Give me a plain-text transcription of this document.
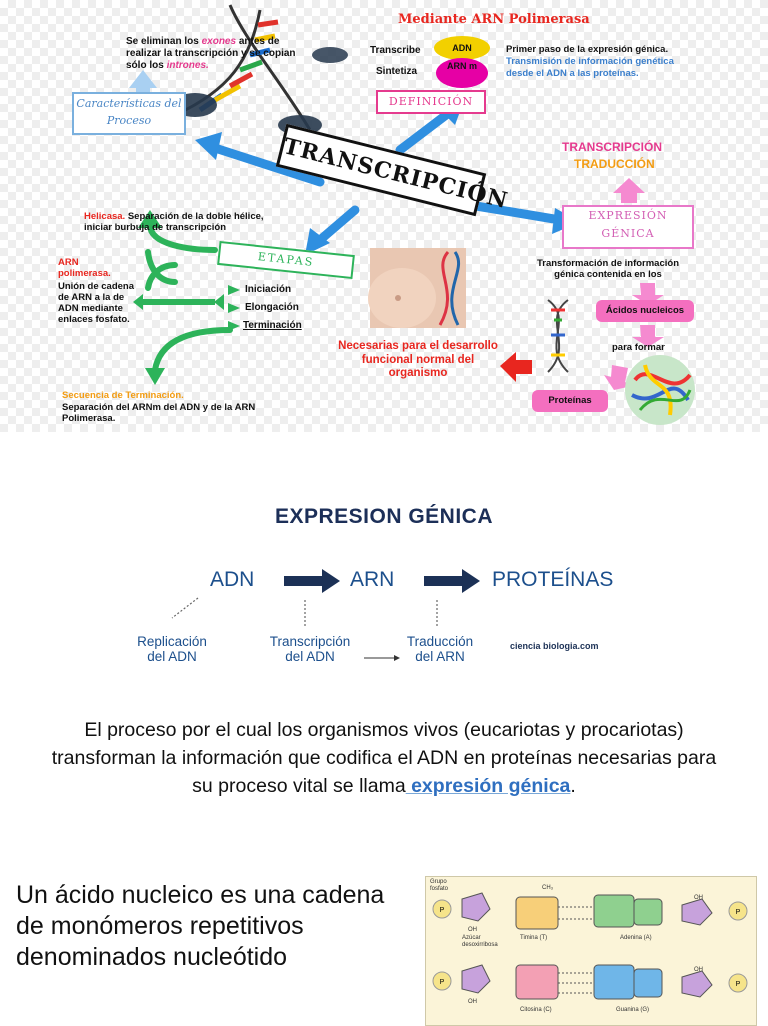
TRANSCRIPCIÓN
Se eliminan los exones antes de
realizar la transcripción y se copian
sólo los intrones.
Características del Proceso
Mediante ARN Polimerasa
Transcribe
Sintetiza
ADN
ARN m
Primer paso de la expresión génica.
Transmisión de información genética
desde el ADN a las proteínas.
DEFINICIÓN
TRANSCRIPCIÓN
TRADUCCIÓN
EXPRESIÓN GÉNICA
Helicasa. Separación de la doble hélice, iniciar burbuja de transcripción
ARN polimerasa.
Unión de cadena de ARN a la de ADN mediante enlaces fosfato.
ETAPAS
Iniciación
Elongación
Terminación
Secuencia de Terminación.
Separación del ARNm del ADN y de la ARN Polimerasa.
Necesarias para el desarrollo funcional normal del organismo
Transformación de información génica contenida en los
Ácidos nucleicos
para formar
Proteínas
EXPRESION GÉNICA
ADN	ARN	PROTEÍNAS
Replicación
del ADN
Transcripción
del ADN
Traducción
del ARN
ciencia biologia.com
El proceso por el cual los organismos vivos (eucariotas y procariotas) transforman la información que codifica el ADN en proteínas necesarias para su proceso vital se llama expresión génica.
Un ácido nucleico es una cadena de monómeros repetitivos denominados nucleótido
P	P
P	P
Grupo fosfato	CH₃
OH
OH
Azúcar desoxirribosa
Timina (T)	Adenina (A)
OH
OH
Citosina (C)	Guanina (G)
